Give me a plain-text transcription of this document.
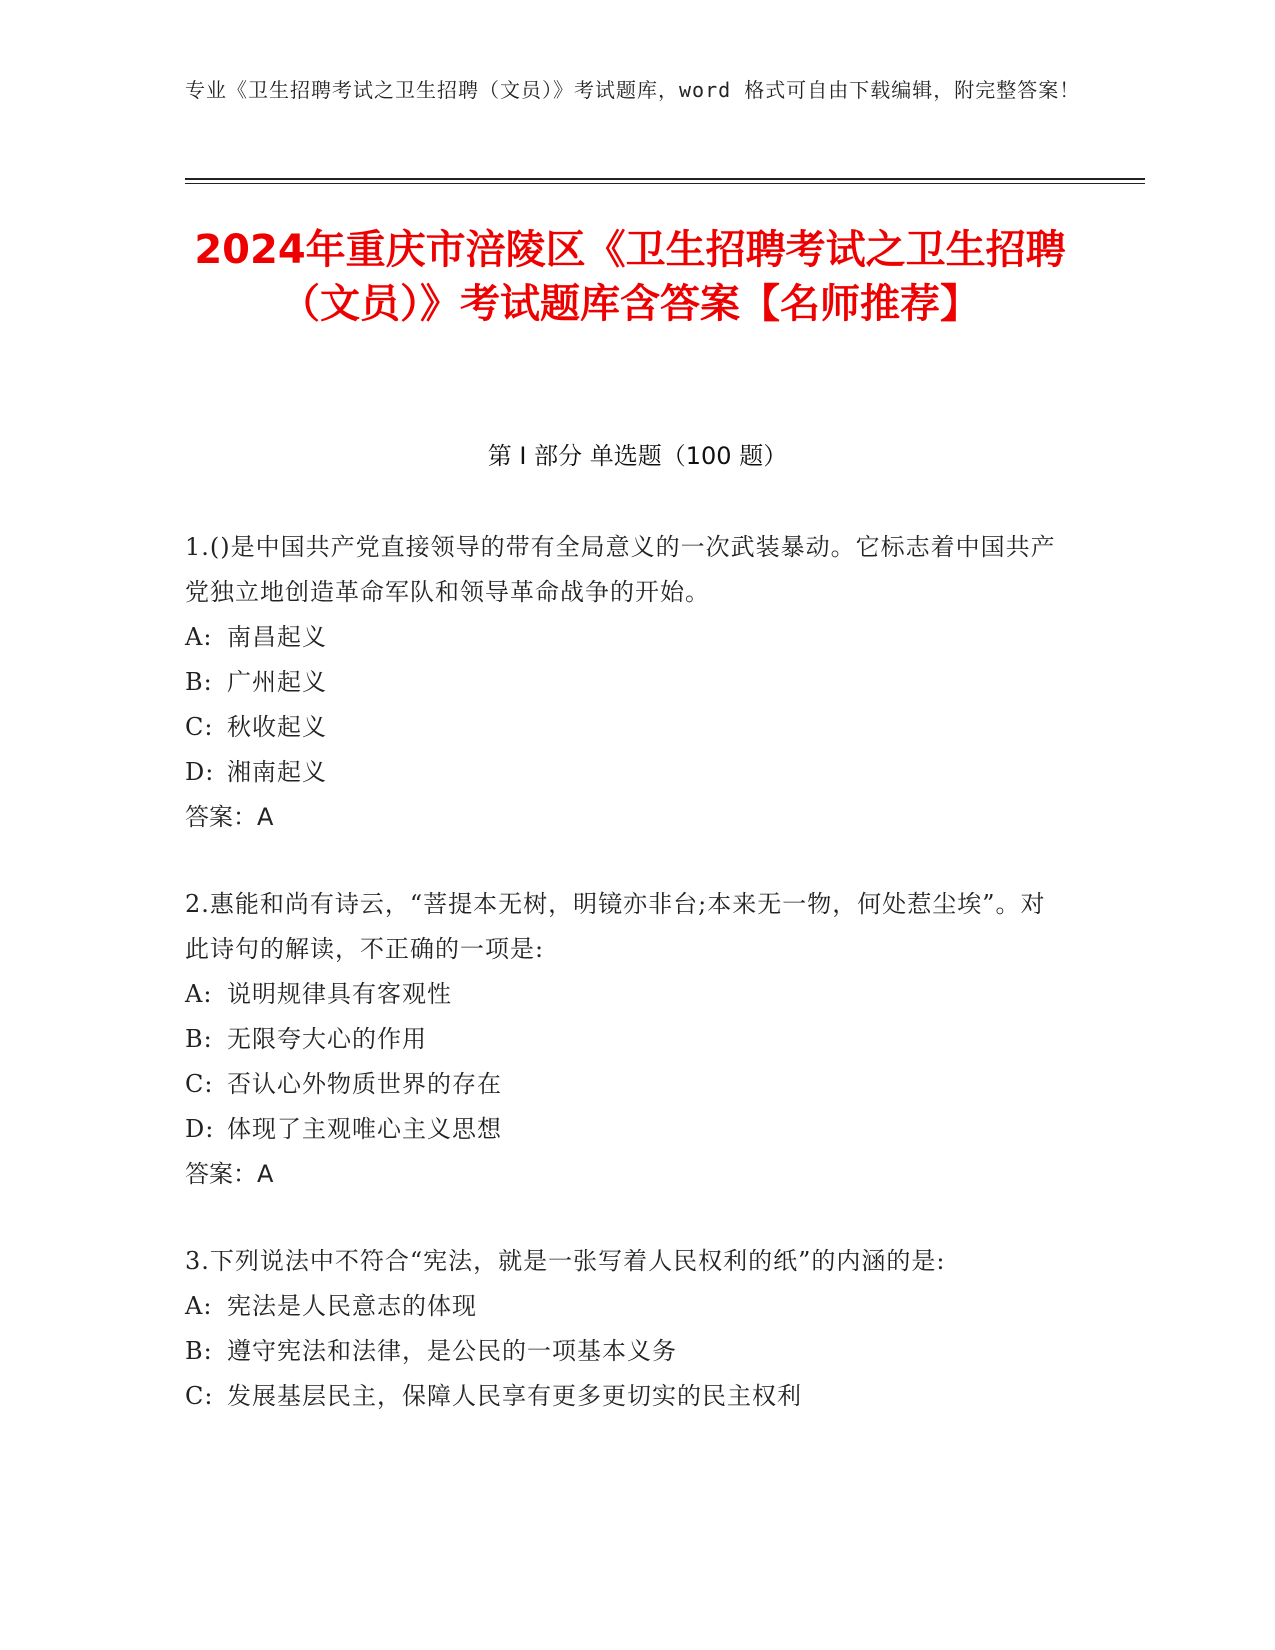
专业《卫生招聘考试之卫生招聘（文员）》考试题库，word 格式可自由下载编辑，附完整答案！
2024年重庆市涪陵区《卫生招聘考试之卫生招聘（文员）》考试题库含答案【名师推荐】
第 I 部分 单选题（100 题）

1.()是中国共产党直接领导的带有全局意义的一次武装暴动。它标志着中国共产党独立地创造革命军队和领导革命战争的开始。

A: 南昌起义

B: 广州起义

C: 秋收起义

D: 湘南起义

答案：A

2.惠能和尚有诗云，“菩提本无树，明镜亦非台;本来无一物，何处惹尘埃”。对此诗句的解读，不正确的一项是:

A: 说明规律具有客观性

B: 无限夸大心的作用

C: 否认心外物质世界的存在

D: 体现了主观唯心主义思想

答案：A

3.下列说法中不符合“宪法，就是一张写着人民权利的纸”的内涵的是:

A: 宪法是人民意志的体现

B: 遵守宪法和法律，是公民的一项基本义务

C: 发展基层民主，保障人民享有更多更切实的民主权利
